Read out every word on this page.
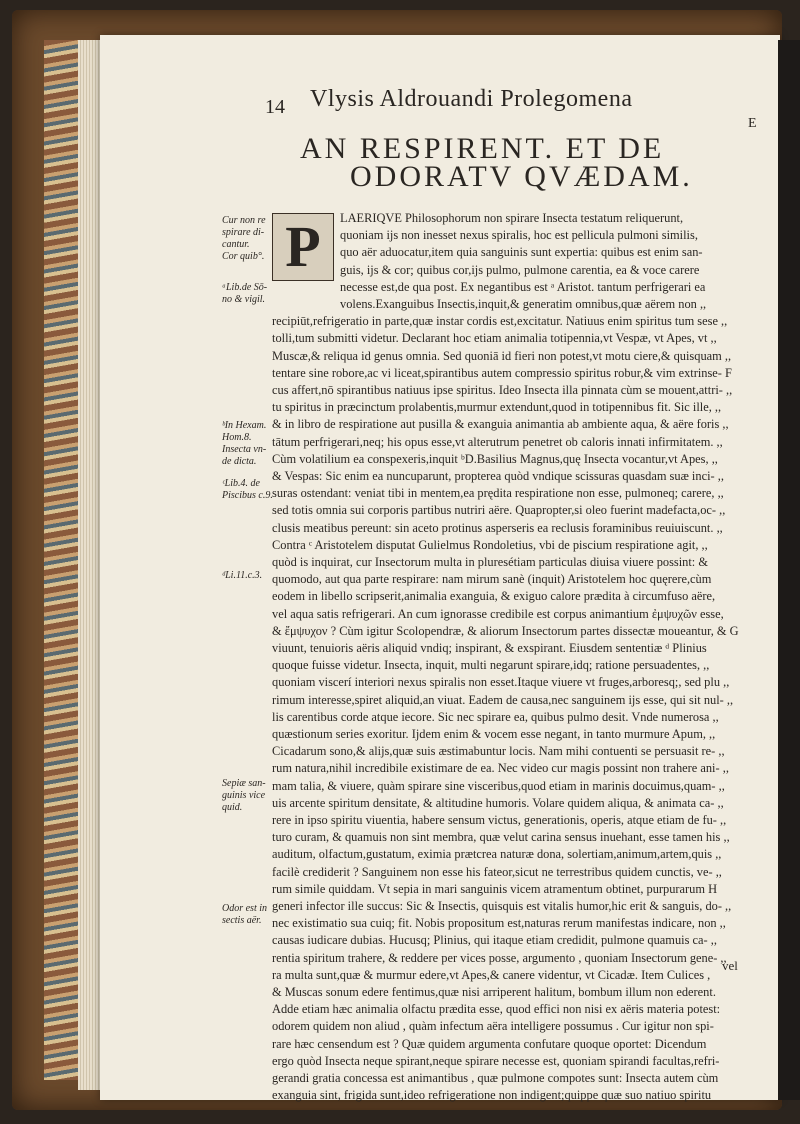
14 Vlysis Aldrouandi Prolegomena
E
AN RESPIRENT. ET DE
ODORATV QVÆDAM.
P
Cur non re
spirare di-
cantur.
Cor quib°.
ᵃLib.de Sō-
no & vigil.
ᵇIn Hexam.
Hom.8.
Insecta vn-
de dicta.
ᶜLib.4. de
Piscibus c.9.
ᵈLi.11.c.3.
Sepiæ san-
guinis vice
quid.
Odor est in
sectis aër.
LAERIQVE Philosophorum non spirare Insecta testatum reliquerunt,
quoniam ijs non inesset nexus spiralis, hoc est pellicula pulmoni similis,
quo aër aduocatur,item quia sanguinis sunt expertia: quibus est enim san-
guis, ijs & cor; quibus cor,ijs pulmo, pulmone carentia, ea & voce carere
necesse est,de qua post. Ex negantibus est ᵃ Aristot. tantum perfrigerari ea
volens.Exanguibus Insectis,inquit,& generatim omnibus,quæ aërem non ,,
recipiūt,refrigeratio in parte,quæ instar cordis est,excitatur. Natiuus enim spiritus tum sese ,,
tolli,tum submitti videtur. Declarant hoc etiam animalia totipennia,vt Vespæ, vt Apes, vt ,,
Muscæ,& reliqua id genus omnia. Sed quoniā id fieri non potest,vt motu ciere,& quisquam ,,
tentare sine robore,ac vi liceat,spirantibus autem compressio spiritus robur,& vim extrinse- F
cus affert,nō spirantibus natiuus ipse spiritus. Ideo Insecta illa pinnata cùm se mouent,attri- ,,
tu spiritus in præcinctum prolabentis,murmur extendunt,quod in totipennibus fit. Sic ille, ,,
& in libro de respiratione aut pusilla & exanguia animantia ab ambiente aqua, & aëre foris ,,
tātum perfrigerari,neq; his opus esse,vt alterutrum penetret ob caloris innati infirmitatem. ,,
Cùm volatilium ea conspexeris,inquit ᵇD.Basilius Magnus,quę Insecta vocantur,vt Apes, ,,
& Vespas: Sic enim ea nuncuparunt, propterea quòd vndique scissuras quasdam suæ inci- ,,
suras ostendant: veniat tibi in mentem,ea prędita respiratione non esse, pulmoneq; carere, ,,
sed totis omnia sui corporis partibus nutriri aëre. Quapropter,si oleo fuerint madefacta,oc- ,,
clusis meatibus pereunt: sin aceto protinus asperseris ea reclusis foraminibus reuiuiscunt. ,,
Contra ᶜ Aristotelem disputat Gulielmus Rondoletius, vbi de piscium respiratione agit, ,,
quòd is inquirat, cur Insectorum multa in pluresétiam particulas diuisa viuere possint: &
quomodo, aut qua parte respirare: nam mirum sanè (inquit) Aristotelem hoc quęrere,cùm
eodem in libello scripserit,animalia exanguia, & exiguo calore prædita à circumfuso aëre,
vel aqua satis refrigerari. An cum ignorasse credibile est corpus animantium ἐμψυχῶν esse,
& ἔμψυχον ? Cùm igitur Scolopendræ, & aliorum Insectorum partes dissectæ moueantur, & G
viuunt, tenuioris aëris aliquid vndiq; inspirant, & exspirant. Eiusdem sententiæ ᵈ Plinius
quoque fuisse videtur. Insecta, inquit, multi negarunt spirare,idq; ratione persuadentes, ,,
quoniam viscerí interiori nexus spiralis non esset.Itaque viuere vt fruges,arboresq;, sed plu ,,
rimum interesse,spiret aliquid,an viuat. Eadem de causa,nec sanguinem ijs esse, qui sit nul- ,,
lis carentibus corde atque iecore. Sic nec spirare ea, quibus pulmo desit. Vnde numerosa ,,
quæstionum series exoritur. Ijdem enim & vocem esse negant, in tanto murmure Apum, ,,
Cicadarum sono,& alijs,quæ suis æstimabuntur locis. Nam mihi contuenti se persuasit re- ,,
rum natura,nihil incredibile existimare de ea. Nec video cur magis possint non trahere ani- ,,
mam talia, & viuere, quàm spirare sine visceribus,quod etiam in marinis docuimus,quam- ,,
uis arcente spiritum densitate, & altitudine humoris. Volare quidem aliqua, & animata ca- ,,
rere in ipso spiritu viuentia, habere sensum victus, generationis, operis, atque etiam de fu- ,,
turo curam, & quamuis non sint membra, quæ velut carina sensus inuehant, esse tamen his ,,
auditum, olfactum,gustatum, eximia prætcrea naturæ dona, solertiam,animum,artem,quis ,,
facilè crediderit ? Sanguinem non esse his fateor,sicut ne terrestribus quidem cunctis, ve- ,,
rum simile quiddam. Vt sepia in mari sanguinis vicem atramentum obtinet, purpurarum H
generi infector ille succus: Sic & Insectis, quisquis est vitalis humor,hic erit & sanguis, do- ,,
nec existimatio sua cuiq; fit. Nobis propositum est,naturas rerum manifestas indicare, non ,,
causas iudicare dubias. Hucusq; Plinius, qui itaque etiam credidit, pulmone quamuis ca- ,,
rentia spiritum trahere, & reddere per vices posse, argumento , quoniam Insectorum gene- ,,
ra multa sunt,quæ & murmur edere,vt Apes,& canere videntur, vt Cicadæ. Item Culices ,
& Muscas sonum edere fentimus,quæ nisi arriperent halitum, bombum illum non ederent.
Adde etiam hæc animalia olfactu prædita esse, quod effici non nisi ex aëris materia potest:
odorem quidem non aliud , quàm infectum aëra intelligere possumus . Cur igitur non spi-
rare hæc censendum est ? Quæ quidem argumenta confutare quoque oportet: Dicendum
ergo quòd Insecta neque spirant,neque spirare necesse est, quoniam spirandi facultas,refri-
gerandi gratia concessa est animantibus , quæ pulmone compotes sunt: Insecta autem cùm
exanguia sint, frigida sunt,ideo refrigeratione non indigent;quippe quæ suo natiuo spiritu
vel
